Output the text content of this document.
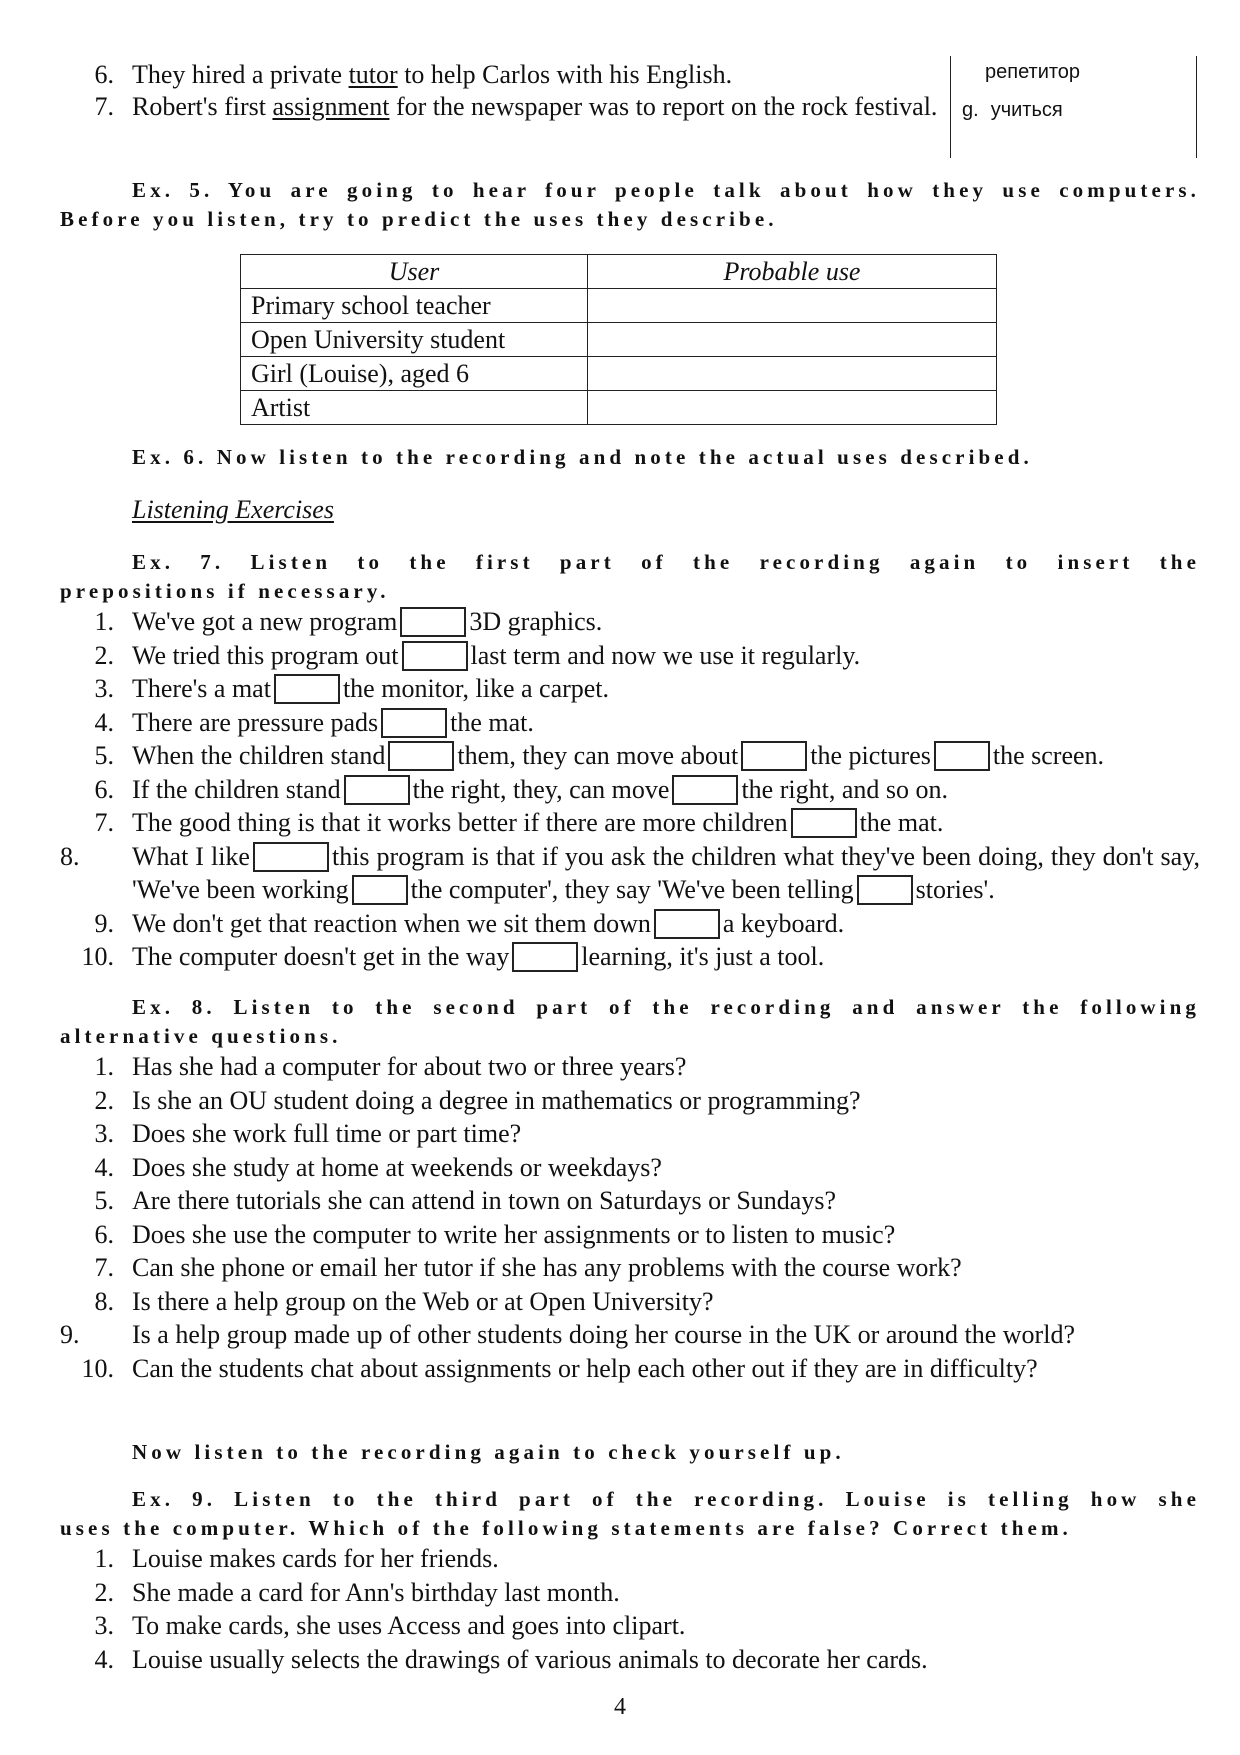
6. They hired a private tutor to help Carlos with his English.
7. Robert's first assignment for the newspaper was to report on the rock festival.
репетитор
g. учиться
Ex. 5. You are going to hear four people talk about how they use computers.
Before you listen, try to predict the uses they describe.
User	Probable use
Primary school teacher	
Open University student	
Girl (Louise), aged 6	
Artist	
Ex. 6. Now listen to the recording and note the actual uses described.
Listening Exercises
Ex. 7. Listen to the first part of the recording again to insert the
prepositions if necessary.
1. We've got a new program	3D graphics.
2. We tried this program out	last term and now we use it regularly.
3. There's a mat	the monitor, like a carpet.
4. There are pressure pads	the mat.
5. When the children stand	them, they can move about	the pictures the screen.
6. If the children stand	the right, they, can move	the right, and so on.
7. The good thing is that it works better if there are more children	the mat.
8.	What I like	this program is that if you ask the children what they've been doing, they don't say, 'We've been working the computer', they say 'We've been telling stories'.
9. We don't get that reaction when we sit them down	a keyboard.
10. The computer doesn't get in the way	learning, it's just a tool.
Ex. 8. Listen to the second part of the recording and answer the following
alternative questions.
1. Has she had a computer for about two or three years?
2. Is she an OU student doing a degree in mathematics or programming?
3. Does she work full time or part time?
4. Does she study at home at weekends or weekdays?
5. Are there tutorials she can attend in town on Saturdays or Sundays?
6. Does she use the computer to write her assignments or to listen to music?
7. Can she phone or email her tutor if she has any problems with the course work?
8. Is there a help group on the Web or at Open University?
9.	Is a help group made up of other students doing her course in the UK or around the world?
10. Can the students chat about assignments or help each other out if they are in difficulty?
Now listen to the recording again to check yourself up.
Ex. 9. Listen to the third part of the recording. Louise is telling how she
uses the computer. Which of the following statements are false? Correct them.
1. Louise makes cards for her friends.
2. She made a card for Ann's birthday last month.
3. To make cards, she uses Access and goes into clipart.
4. Louise usually selects the drawings of various animals to decorate her cards.
4
